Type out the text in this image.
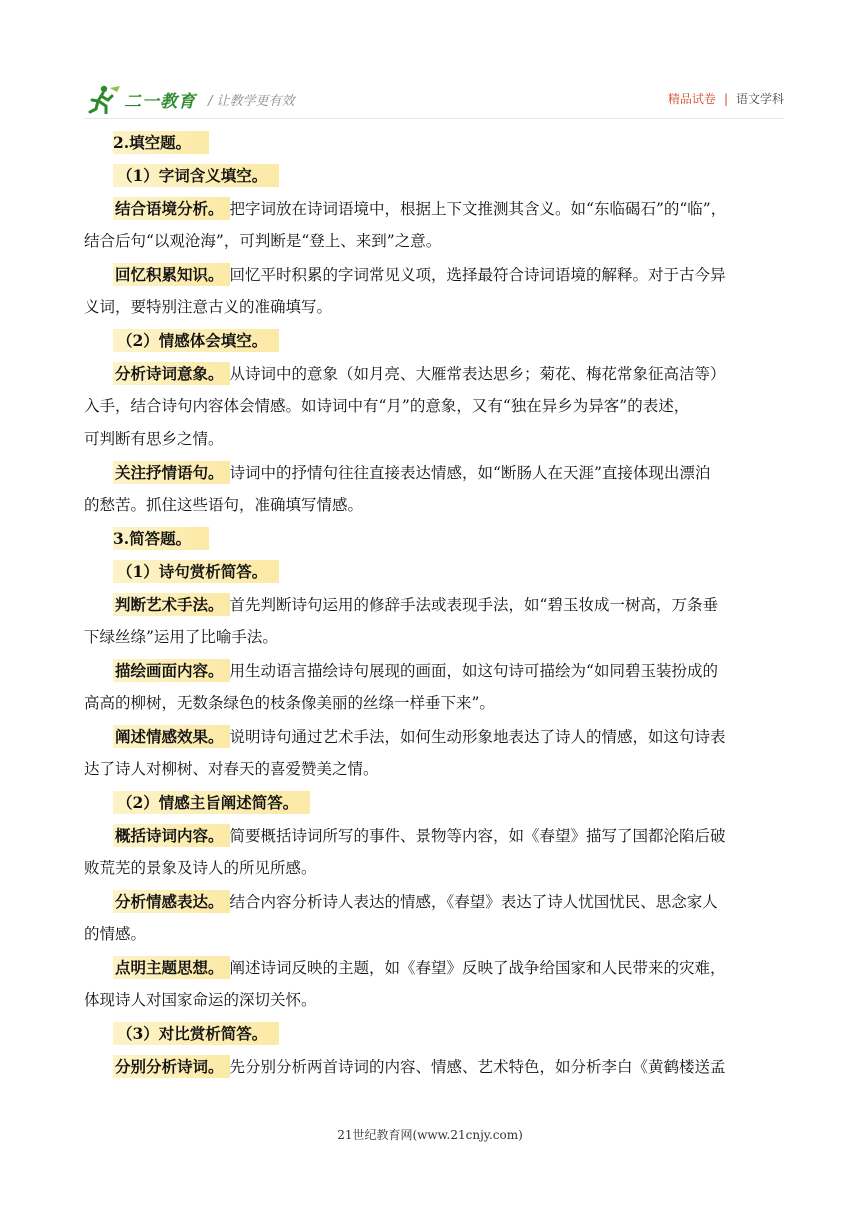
二一教育 / 让教学更有效	精品试卷 | 语文学科
2.填空题。
（1）字词含义填空。
结合语境分析。 把字词放在诗词语境中，根据上下文推测其含义。如“东临碣石”的“临”，
结合后句“以观沧海”，可判断是“登上、来到”之意。
回忆积累知识。 回忆平时积累的字词常见义项，选择最符合诗词语境的解释。对于古今异
义词，要特别注意古义的准确填写。
（2）情感体会填空。
分析诗词意象。 从诗词中的意象（如月亮、大雁常表达思乡；菊花、梅花常象征高洁等）
入手，结合诗句内容体会情感。如诗词中有“月”的意象，又有“独在异乡为异客”的表述，
可判断有思乡之情。
关注抒情语句。 诗词中的抒情句往往直接表达情感，如“断肠人在天涯”直接体现出漂泊
的愁苦。抓住这些语句，准确填写情感。
3.简答题。
（1）诗句赏析简答。
判断艺术手法。 首先判断诗句运用的修辞手法或表现手法，如“碧玉妆成一树高，万条垂
下绿丝绦”运用了比喻手法。
描绘画面内容。 用生动语言描绘诗句展现的画面，如这句诗可描绘为“如同碧玉装扮成的
高高的柳树，无数条绿色的枝条像美丽的丝绦一样垂下来”。
阐述情感效果。 说明诗句通过艺术手法，如何生动形象地表达了诗人的情感，如这句诗表
达了诗人对柳树、对春天的喜爱赞美之情。
（2）情感主旨阐述简答。
概括诗词内容。 简要概括诗词所写的事件、景物等内容，如《春望》描写了国都沦陷后破
败荒芜的景象及诗人的所见所感。
分析情感表达。 结合内容分析诗人表达的情感，《春望》表达了诗人忧国忧民、思念家人
的情感。
点明主题思想。 阐述诗词反映的主题，如《春望》反映了战争给国家和人民带来的灾难，
体现诗人对国家命运的深切关怀。
（3）对比赏析简答。
分别分析诗词。 先分别分析两首诗词的内容、情感、艺术特色，如分析李白《黄鹤楼送孟
21世纪教育网(www.21cnjy.com)
